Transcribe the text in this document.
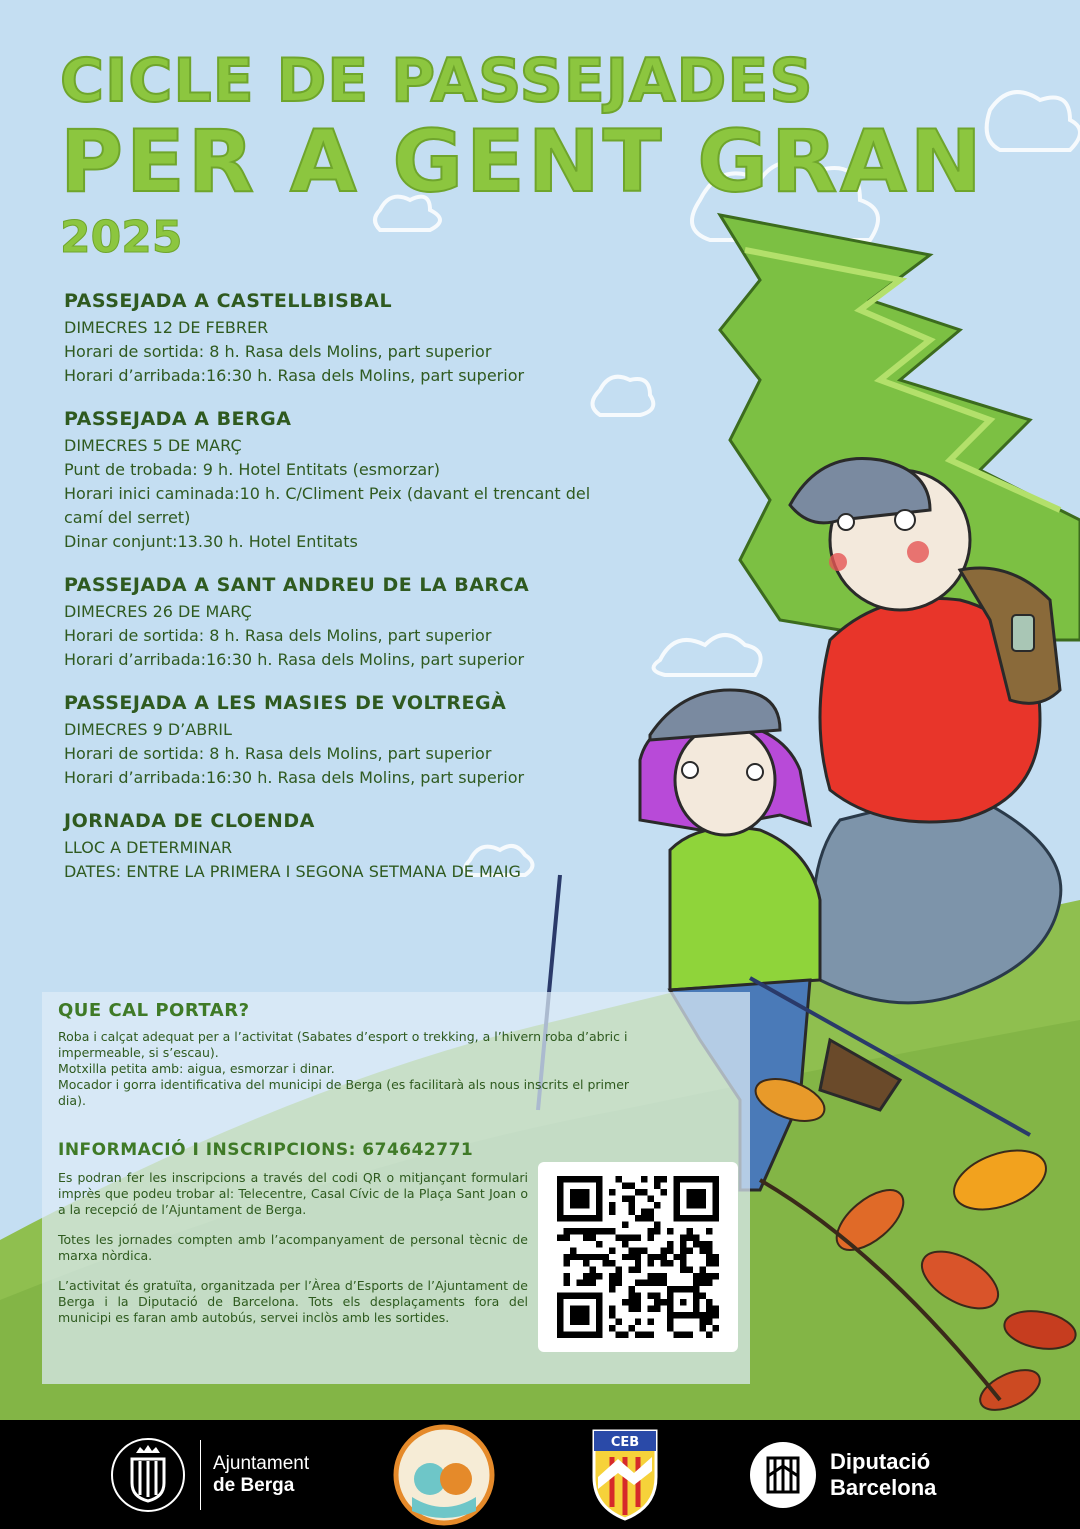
CICLE DE PASSEJADES
PER A GENT GRAN
2025
PASSEJADA A CASTELLBISBAL
DIMECRES 12 DE FEBRER
Horari de sortida: 8 h. Rasa dels Molins, part superior
Horari d’arribada:16:30 h. Rasa dels Molins, part superior
PASSEJADA A BERGA
DIMECRES 5 DE MARÇ
Punt de trobada: 9 h. Hotel Entitats (esmorzar)
Horari inici caminada:10 h. C/Climent Peix (davant el trencant del
camí del serret)
Dinar conjunt:13.30 h. Hotel Entitats
PASSEJADA A SANT ANDREU DE LA BARCA
DIMECRES 26 DE MARÇ
Horari de sortida: 8 h. Rasa dels Molins, part superior
Horari d’arribada:16:30 h. Rasa dels Molins, part superior
PASSEJADA A LES MASIES DE VOLTREGÀ
DIMECRES 9 D’ABRIL
Horari de sortida: 8 h. Rasa dels Molins, part superior
Horari d’arribada:16:30 h. Rasa dels Molins, part superior
JORNADA DE CLOENDA
LLOC A DETERMINAR
DATES: ENTRE LA PRIMERA I SEGONA SETMANA DE MAIG
QUE CAL PORTAR?

Roba i calçat adequat per a l’activitat (Sabates d’esport o trekking, a l’hivern roba d’abric i impermeable, si s’escau).

Motxilla petita amb: aigua, esmorzar i dinar.

Mocador i gorra identificativa del municipi de Berga (es facilitarà als nous inscrits el primer dia).

INFORMACIÓ I INSCRIPCIONS: 674642771

Es podran fer les inscripcions a través del codi QR o mitjançant formulari imprès que podeu trobar al: Telecentre, Casal Cívic de la Plaça Sant Joan o a la recepció de l’Ajuntament de Berga.

Totes les jornades compten amb l’acompanyament de personal tècnic de marxa nòrdica.

L’activitat és gratuïta, organitzada per l’Àrea d’Esports de l’Ajuntament de Berga i la Diputació de Barcelona. Tots els desplaçaments fora del municipi es faran amb autobús, servei inclòs amb les sortides.

Ajuntament
de Berga
CEB
Diputació
Barcelona
